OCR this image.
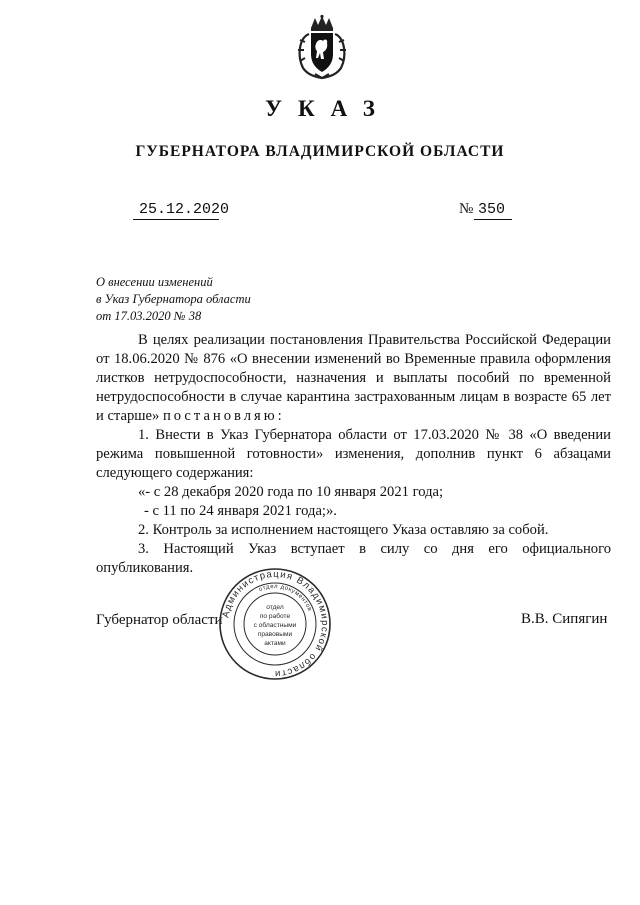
УКАЗ
ГУБЕРНАТОРА ВЛАДИМИРСКОЙ ОБЛАСТИ
25.12.2020	№ 350
О внесении изменений
в Указ Губернатора области
от 17.03.2020 № 38

В целях реализации постановления Правительства Российской Федерации от 18.06.2020 № 876 «О внесении изменений во Временные правила оформления листков нетрудоспособности, назначения и выплаты пособий по временной нетрудоспособности в случае карантина застрахованным лицам в возрасте 65 лет и старше» постановляю:

1. Внести в Указ Губернатора области от 17.03.2020 № 38 «О введении режима повышенной готовности» изменения, дополнив пункт 6 абзацами следующего содержания:

«- с 28 декабря 2020 года по 10 января 2021 года;

- с 11 по 24 января 2021 года;».

2. Контроль за исполнением настоящего Указа оставляю за собой.

3. Настоящий Указ вступает в силу со дня его официального опубликования.

Губернатор области	В.В. Сипягин
Администрация Владимирской области
отдел документов
отдел
по работе
с областными
правовыми
актами
